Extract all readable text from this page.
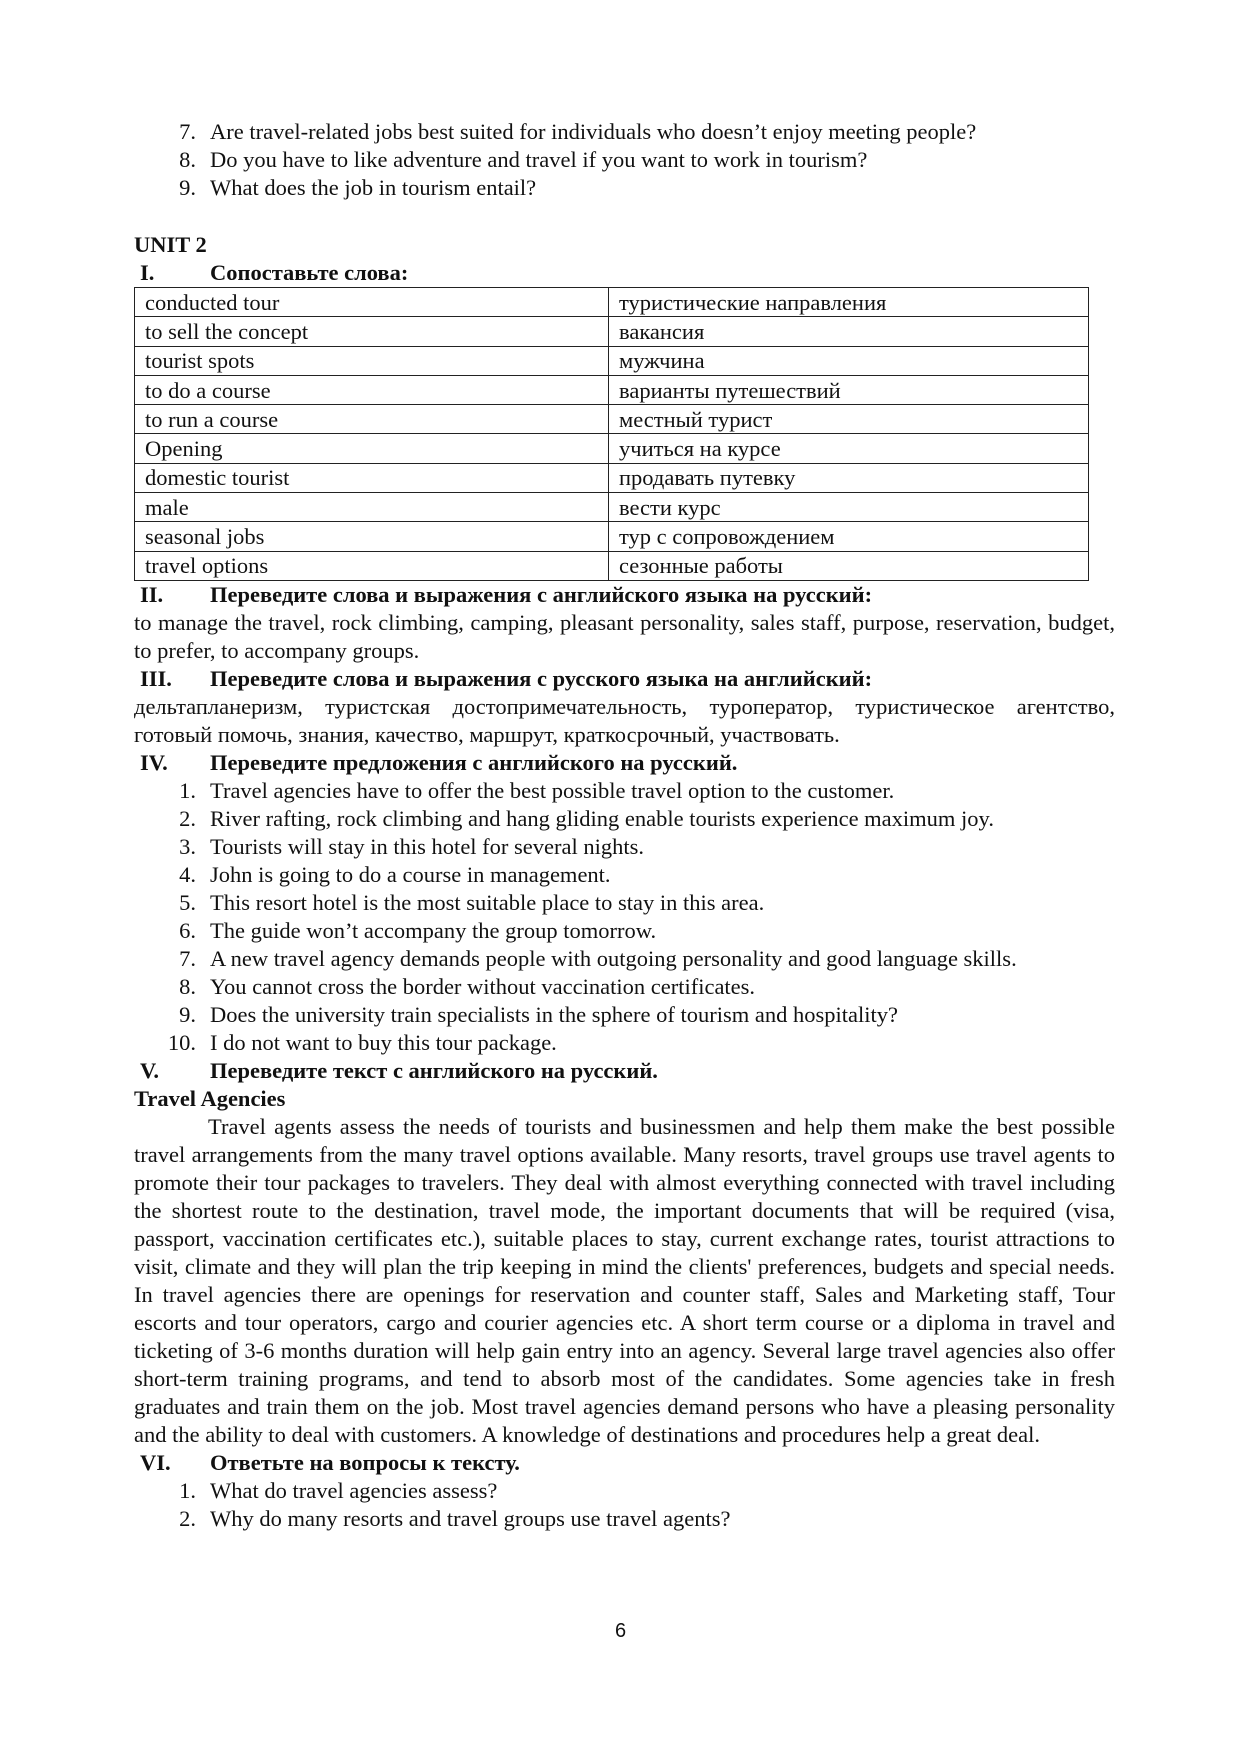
7. Are travel-related jobs best suited for individuals who doesn’t enjoy meeting people?
8. Do you have to like adventure and travel if you want to work in tourism?
9. What does the job in tourism entail?
UNIT 2
I.	Сопоставьте слова:
conducted tour	туристические направления
to sell the concept	вакансия
tourist spots	мужчина
to do a course	варианты путешествий
to run a course	местный турист
Opening	учиться на курсе
domestic tourist	продавать путевку
male	вести курс
seasonal jobs	тур с сопровождением
travel options	сезонные работы
II.	Переведите слова и выражения с английского языка на русский:
to manage the travel, rock climbing, camping, pleasant personality, sales staff, purpose, reservation, budget, to prefer, to accompany groups.
III.	Переведите слова и выражения с русского языка на английский:
дельтапланеризм, туристская достопримечательность, туроператор, туристическое агентство, готовый помочь, знания, качество, маршрут, краткосрочный, участвовать.
IV.	Переведите предложения с английского на русский.
1. Travel agencies have to offer the best possible travel option to the customer.
2. River rafting, rock climbing and hang gliding enable tourists experience maximum joy.
3. Tourists will stay in this hotel for several nights.
4. John is going to do a course in management.
5. This resort hotel is the most suitable place to stay in this area.
6. The guide won’t accompany the group tomorrow.
7. A new travel agency demands people with outgoing personality and good language skills.
8. You cannot cross the border without vaccination certificates.
9. Does the university train specialists in the sphere of tourism and hospitality?
10. I do not want to buy this tour package.
V.	Переведите текст с английского на русский.
Travel Agencies
Travel agents assess the needs of tourists and businessmen and help them make the best possible travel arrangements from the many travel options available. Many resorts, travel groups use travel agents to promote their tour packages to travelers. They deal with almost everything connected with travel including the shortest route to the destination, travel mode, the important documents that will be required (visa, passport, vaccination certificates etc.), suitable places to stay, current exchange rates, tourist attractions to visit, climate and they will plan the trip keeping in mind the clients' preferences, budgets and special needs. In travel agencies there are openings for reservation and counter staff, Sales and Marketing staff, Tour escorts and tour operators, cargo and courier agencies etc. A short term course or a diploma in travel and ticketing of 3-6 months duration will help gain entry into an agency. Several large travel agencies also offer short-term training programs, and tend to absorb most of the candidates. Some agencies take in fresh graduates and train them on the job. Most travel agencies demand persons who have a pleasing personality and the ability to deal with customers. A knowledge of destinations and procedures help a great deal.
VI.	Ответьте на вопросы к тексту.
1. What do travel agencies assess?
2. Why do many resorts and travel groups use travel agents?
6
